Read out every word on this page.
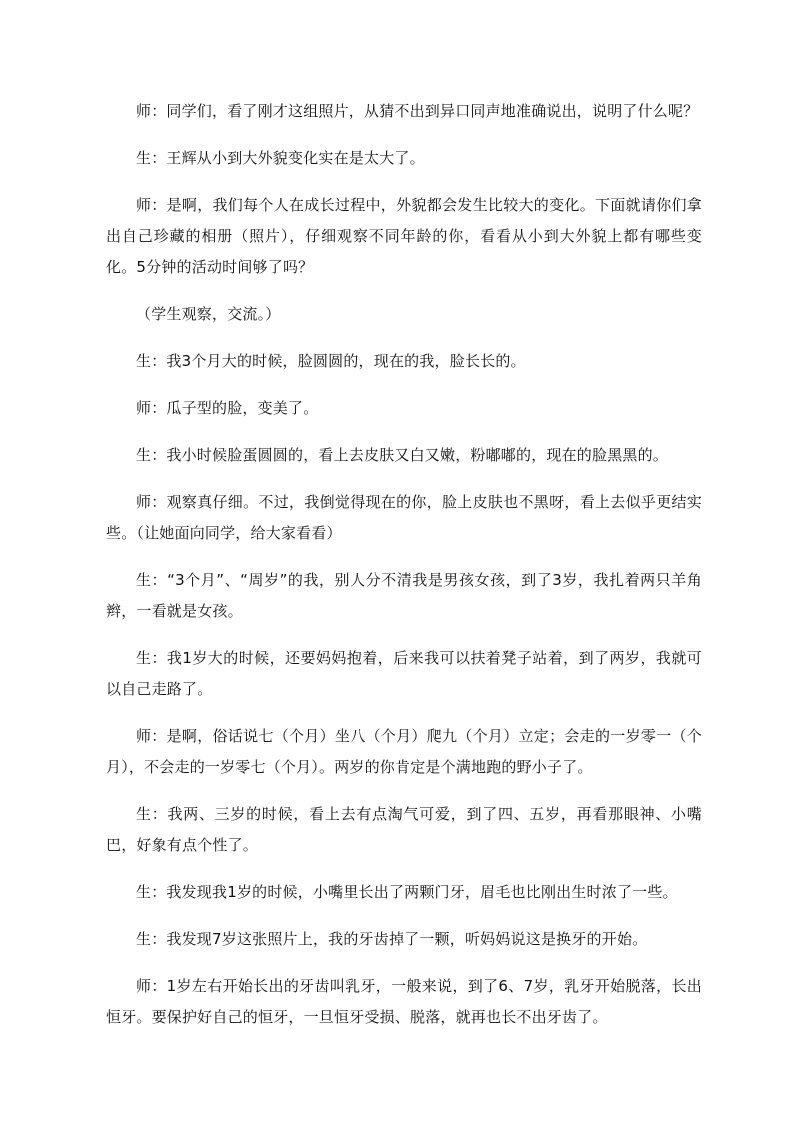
师：同学们，看了刚才这组照片，从猜不出到异口同声地准确说出，说明了什么呢？

生：王辉从小到大外貌变化实在是太大了。

师：是啊，我们每个人在成长过程中，外貌都会发生比较大的变化。下面就请你们拿出自己珍藏的相册（照片），仔细观察不同年龄的你，看看从小到大外貌上都有哪些变化。5分钟的活动时间够了吗？

（学生观察，交流。）

生：我3个月大的时候，脸圆圆的，现在的我，脸长长的。

师：瓜子型的脸，变美了。

生：我小时候脸蛋圆圆的，看上去皮肤又白又嫩，粉嘟嘟的，现在的脸黑黑的。

师：观察真仔细。不过，我倒觉得现在的你，脸上皮肤也不黑呀，看上去似乎更结实些。（让她面向同学，给大家看看）

生：“3个月”、“周岁”的我，别人分不清我是男孩女孩，到了3岁，我扎着两只羊角辫，一看就是女孩。

生：我1岁大的时候，还要妈妈抱着，后来我可以扶着凳子站着，到了两岁，我就可以自己走路了。

师：是啊，俗话说七（个月）坐八（个月）爬九（个月）立定；会走的一岁零一（个月），不会走的一岁零七（个月）。两岁的你肯定是个满地跑的野小子了。

生：我两、三岁的时候，看上去有点淘气可爱，到了四、五岁，再看那眼神、小嘴巴，好象有点个性了。

生：我发现我1岁的时候，小嘴里长出了两颗门牙，眉毛也比刚出生时浓了一些。

生：我发现7岁这张照片上，我的牙齿掉了一颗，听妈妈说这是换牙的开始。

师：1岁左右开始长出的牙齿叫乳牙，一般来说，到了6、7岁，乳牙开始脱落，长出恒牙。要保护好自己的恒牙，一旦恒牙受损、脱落，就再也长不出牙齿了。
